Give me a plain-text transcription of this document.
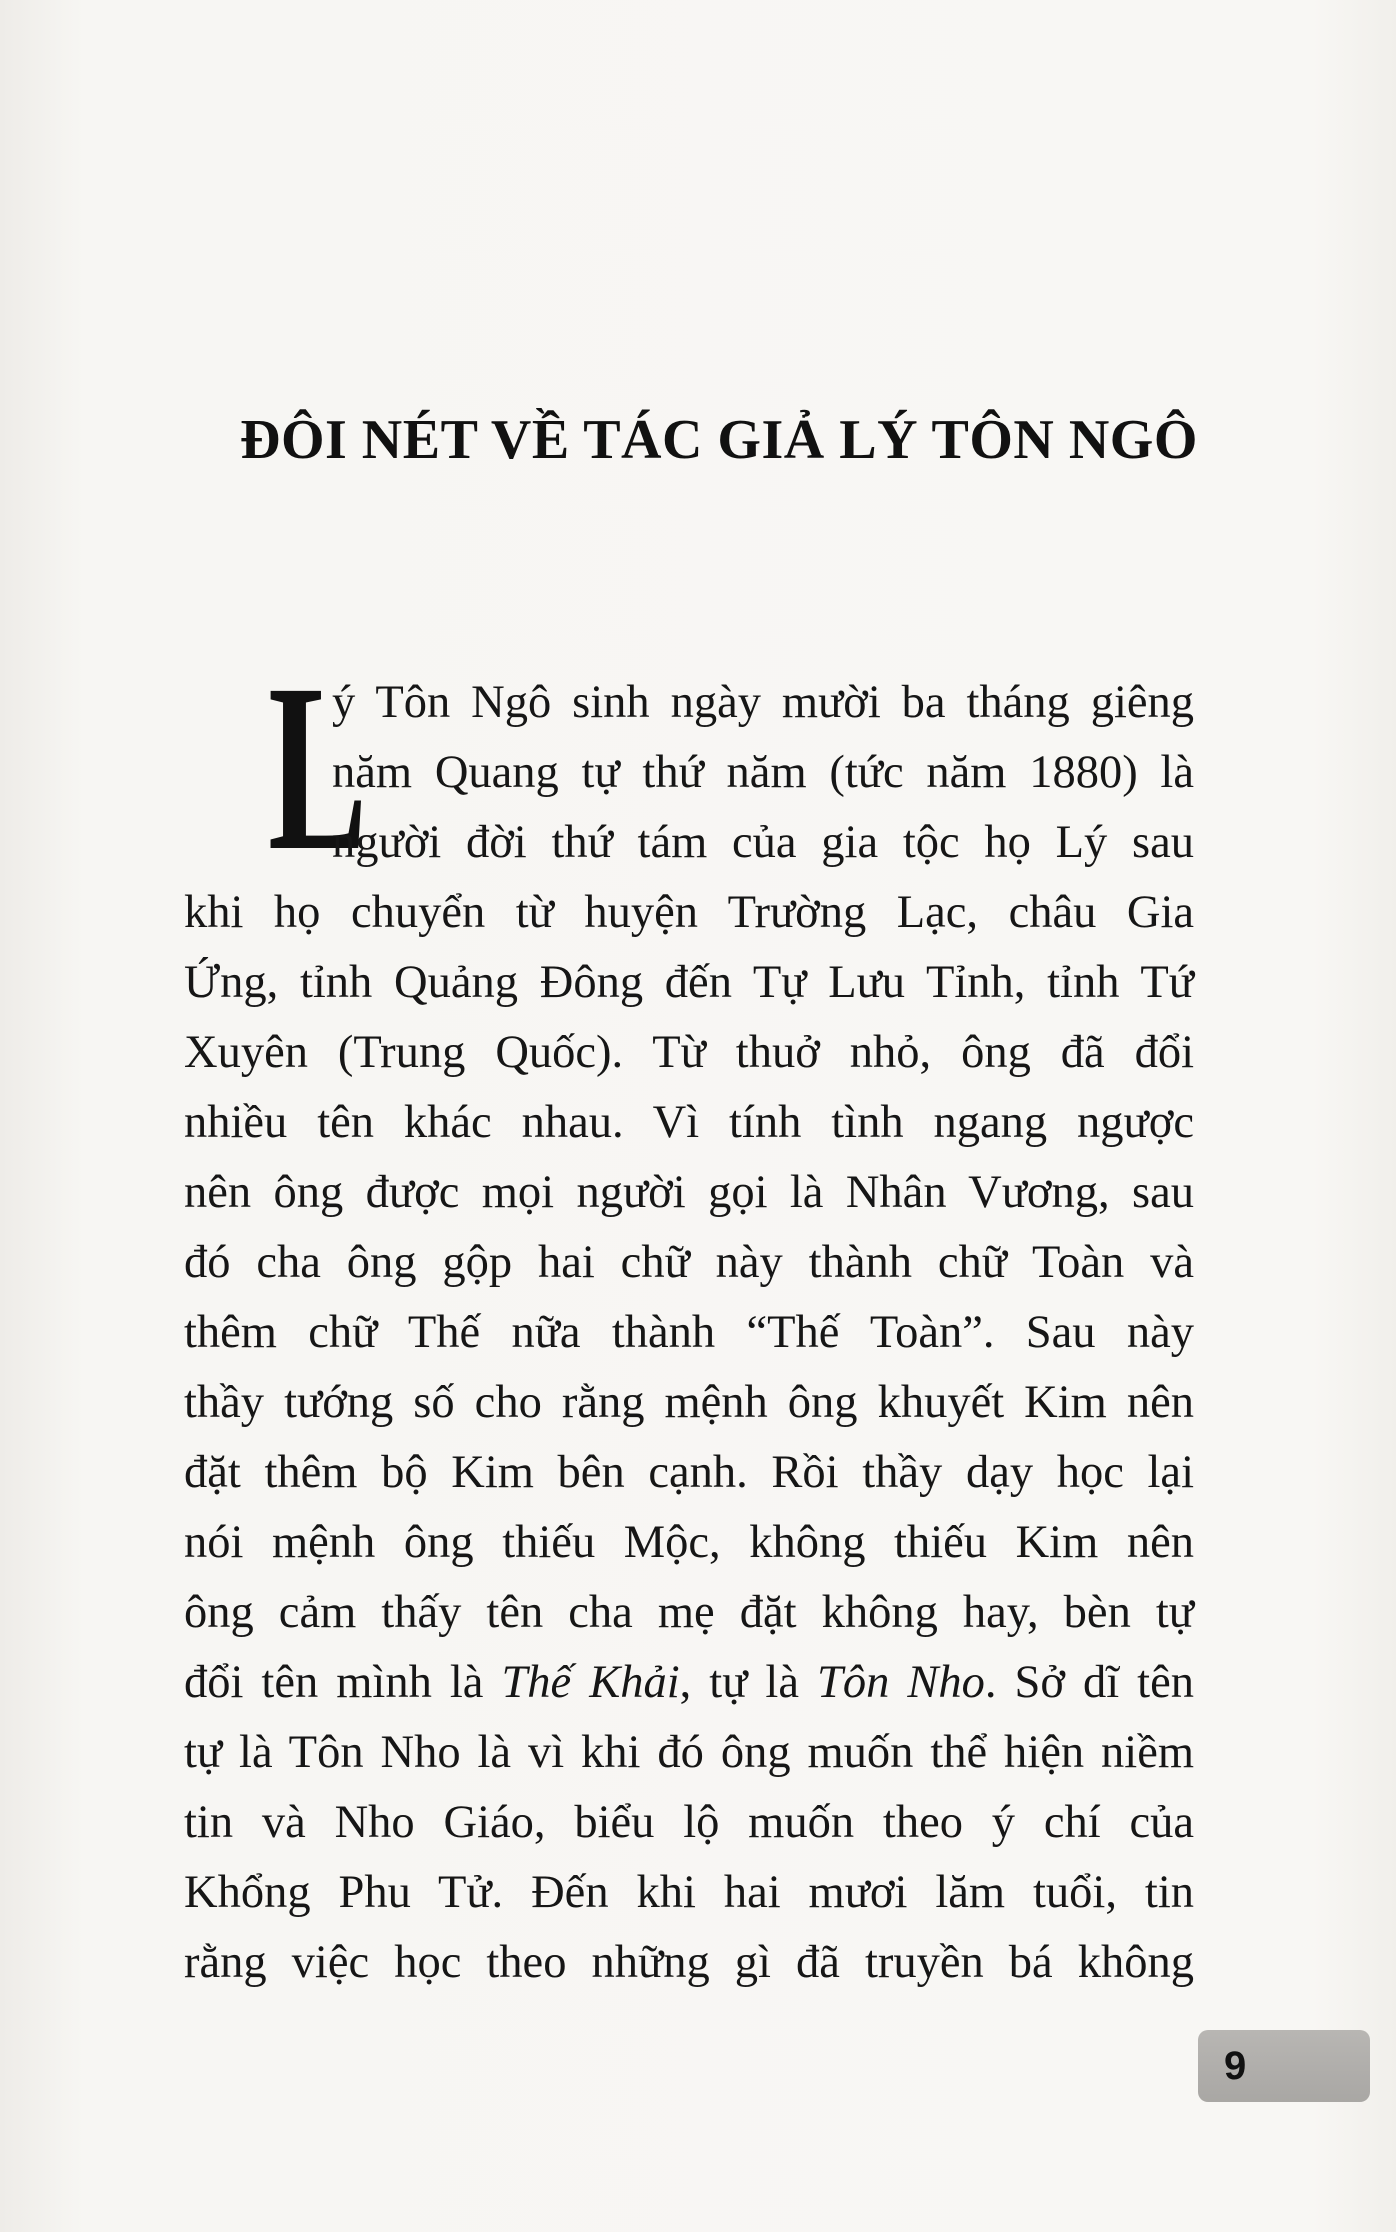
ĐÔI NÉT VỀ TÁC GIẢ LÝ TÔN NGÔ
L
ý Tôn Ngô sinh ngày mười ba tháng giêng
năm Quang tự thứ năm (tức năm 1880) là
người đời thứ tám của gia tộc họ Lý sau
khi họ chuyển từ huyện Trường Lạc, châu Gia
Ứng, tỉnh Quảng Đông đến Tự Lưu Tỉnh, tỉnh Tứ
Xuyên (Trung Quốc). Từ thuở nhỏ, ông đã đổi
nhiều tên khác nhau. Vì tính tình ngang ngược
nên ông được mọi người gọi là Nhân Vương, sau
đó cha ông gộp hai chữ này thành chữ Toàn và
thêm chữ Thế nữa thành “Thế Toàn”. Sau này
thầy tướng số cho rằng mệnh ông khuyết Kim nên
đặt thêm bộ Kim bên cạnh. Rồi thầy dạy học lại
nói mệnh ông thiếu Mộc, không thiếu Kim nên
ông cảm thấy tên cha mẹ đặt không hay, bèn tự
đổi tên mình là Thế Khải, tự là Tôn Nho. Sở dĩ tên
tự là Tôn Nho là vì khi đó ông muốn thể hiện niềm
tin và Nho Giáo, biểu lộ muốn theo ý chí của
Khổng Phu Tử. Đến khi hai mươi lăm tuổi, tin
rằng việc học theo những gì đã truyền bá không
9
